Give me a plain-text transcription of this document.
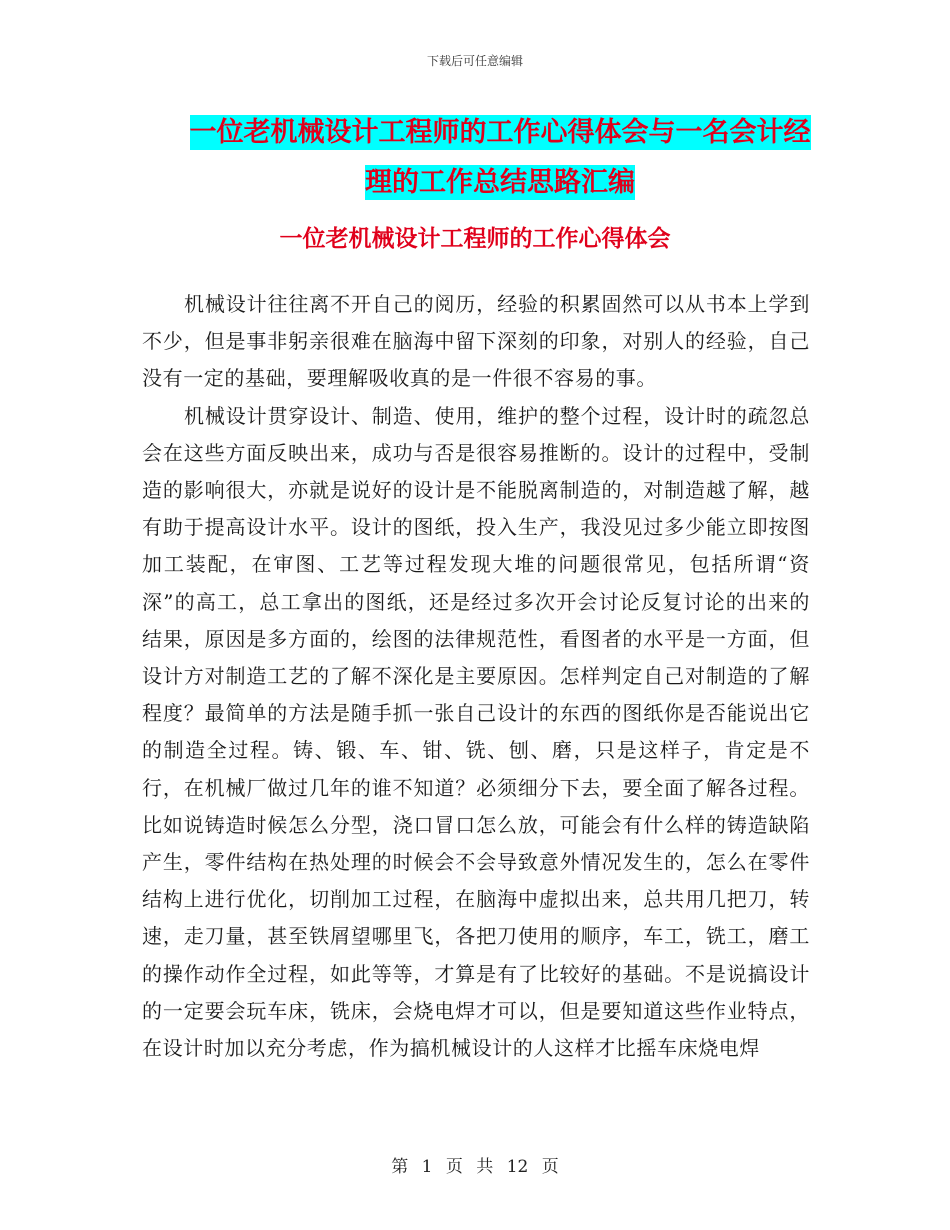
下载后可任意编辑
一位老机械设计工程师的工作心得体会与一名会计经
理的工作总结思路汇编
一位老机械设计工程师的工作心得体会

机械设计往往离不开自己的阅历，经验的积累固然可以从书本上学到不少，但是事非躬亲很难在脑海中留下深刻的印象，对别人的经验，自己没有一定的基础，要理解吸收真的是一件很不容易的事。

机械设计贯穿设计、制造、使用，维护的整个过程，设计时的疏忽总会在这些方面反映出来，成功与否是很容易推断的。设计的过程中，受制造的影响很大，亦就是说好的设计是不能脱离制造的，对制造越了解，越有助于提高设计水平。设计的图纸，投入生产，我没见过多少能立即按图加工装配，在审图、工艺等过程发现大堆的问题很常见，包括所谓“资深”的高工，总工拿出的图纸，还是经过多次开会讨论反复讨论的出来的结果，原因是多方面的，绘图的法律规范性，看图者的水平是一方面，但设计方对制造工艺的了解不深化是主要原因。怎样判定自己对制造的了解程度？最简单的方法是随手抓一张自己设计的东西的图纸你是否能说出它的制造全过程。铸、锻、车、钳、铣、刨、磨，只是这样子，肯定是不行，在机械厂做过几年的谁不知道？必须细分下去，要全面了解各过程。比如说铸造时候怎么分型，浇口冒口怎么放，可能会有什么样的铸造缺陷产生，零件结构在热处理的时候会不会导致意外情况发生的，怎么在零件结构上进行优化，切削加工过程，在脑海中虚拟出来，总共用几把刀，转速，走刀量，甚至铁屑望哪里飞，各把刀使用的顺序，车工，铣工，磨工的操作动作全过程，如此等等，才算是有了比较好的基础。不是说搞设计的一定要会玩车床，铣床，会烧电焊才可以，但是要知道这些作业特点，在设计时加以充分考虑，作为搞机械设计的人这样才比摇车床烧电焊

第 1 页 共 12 页
